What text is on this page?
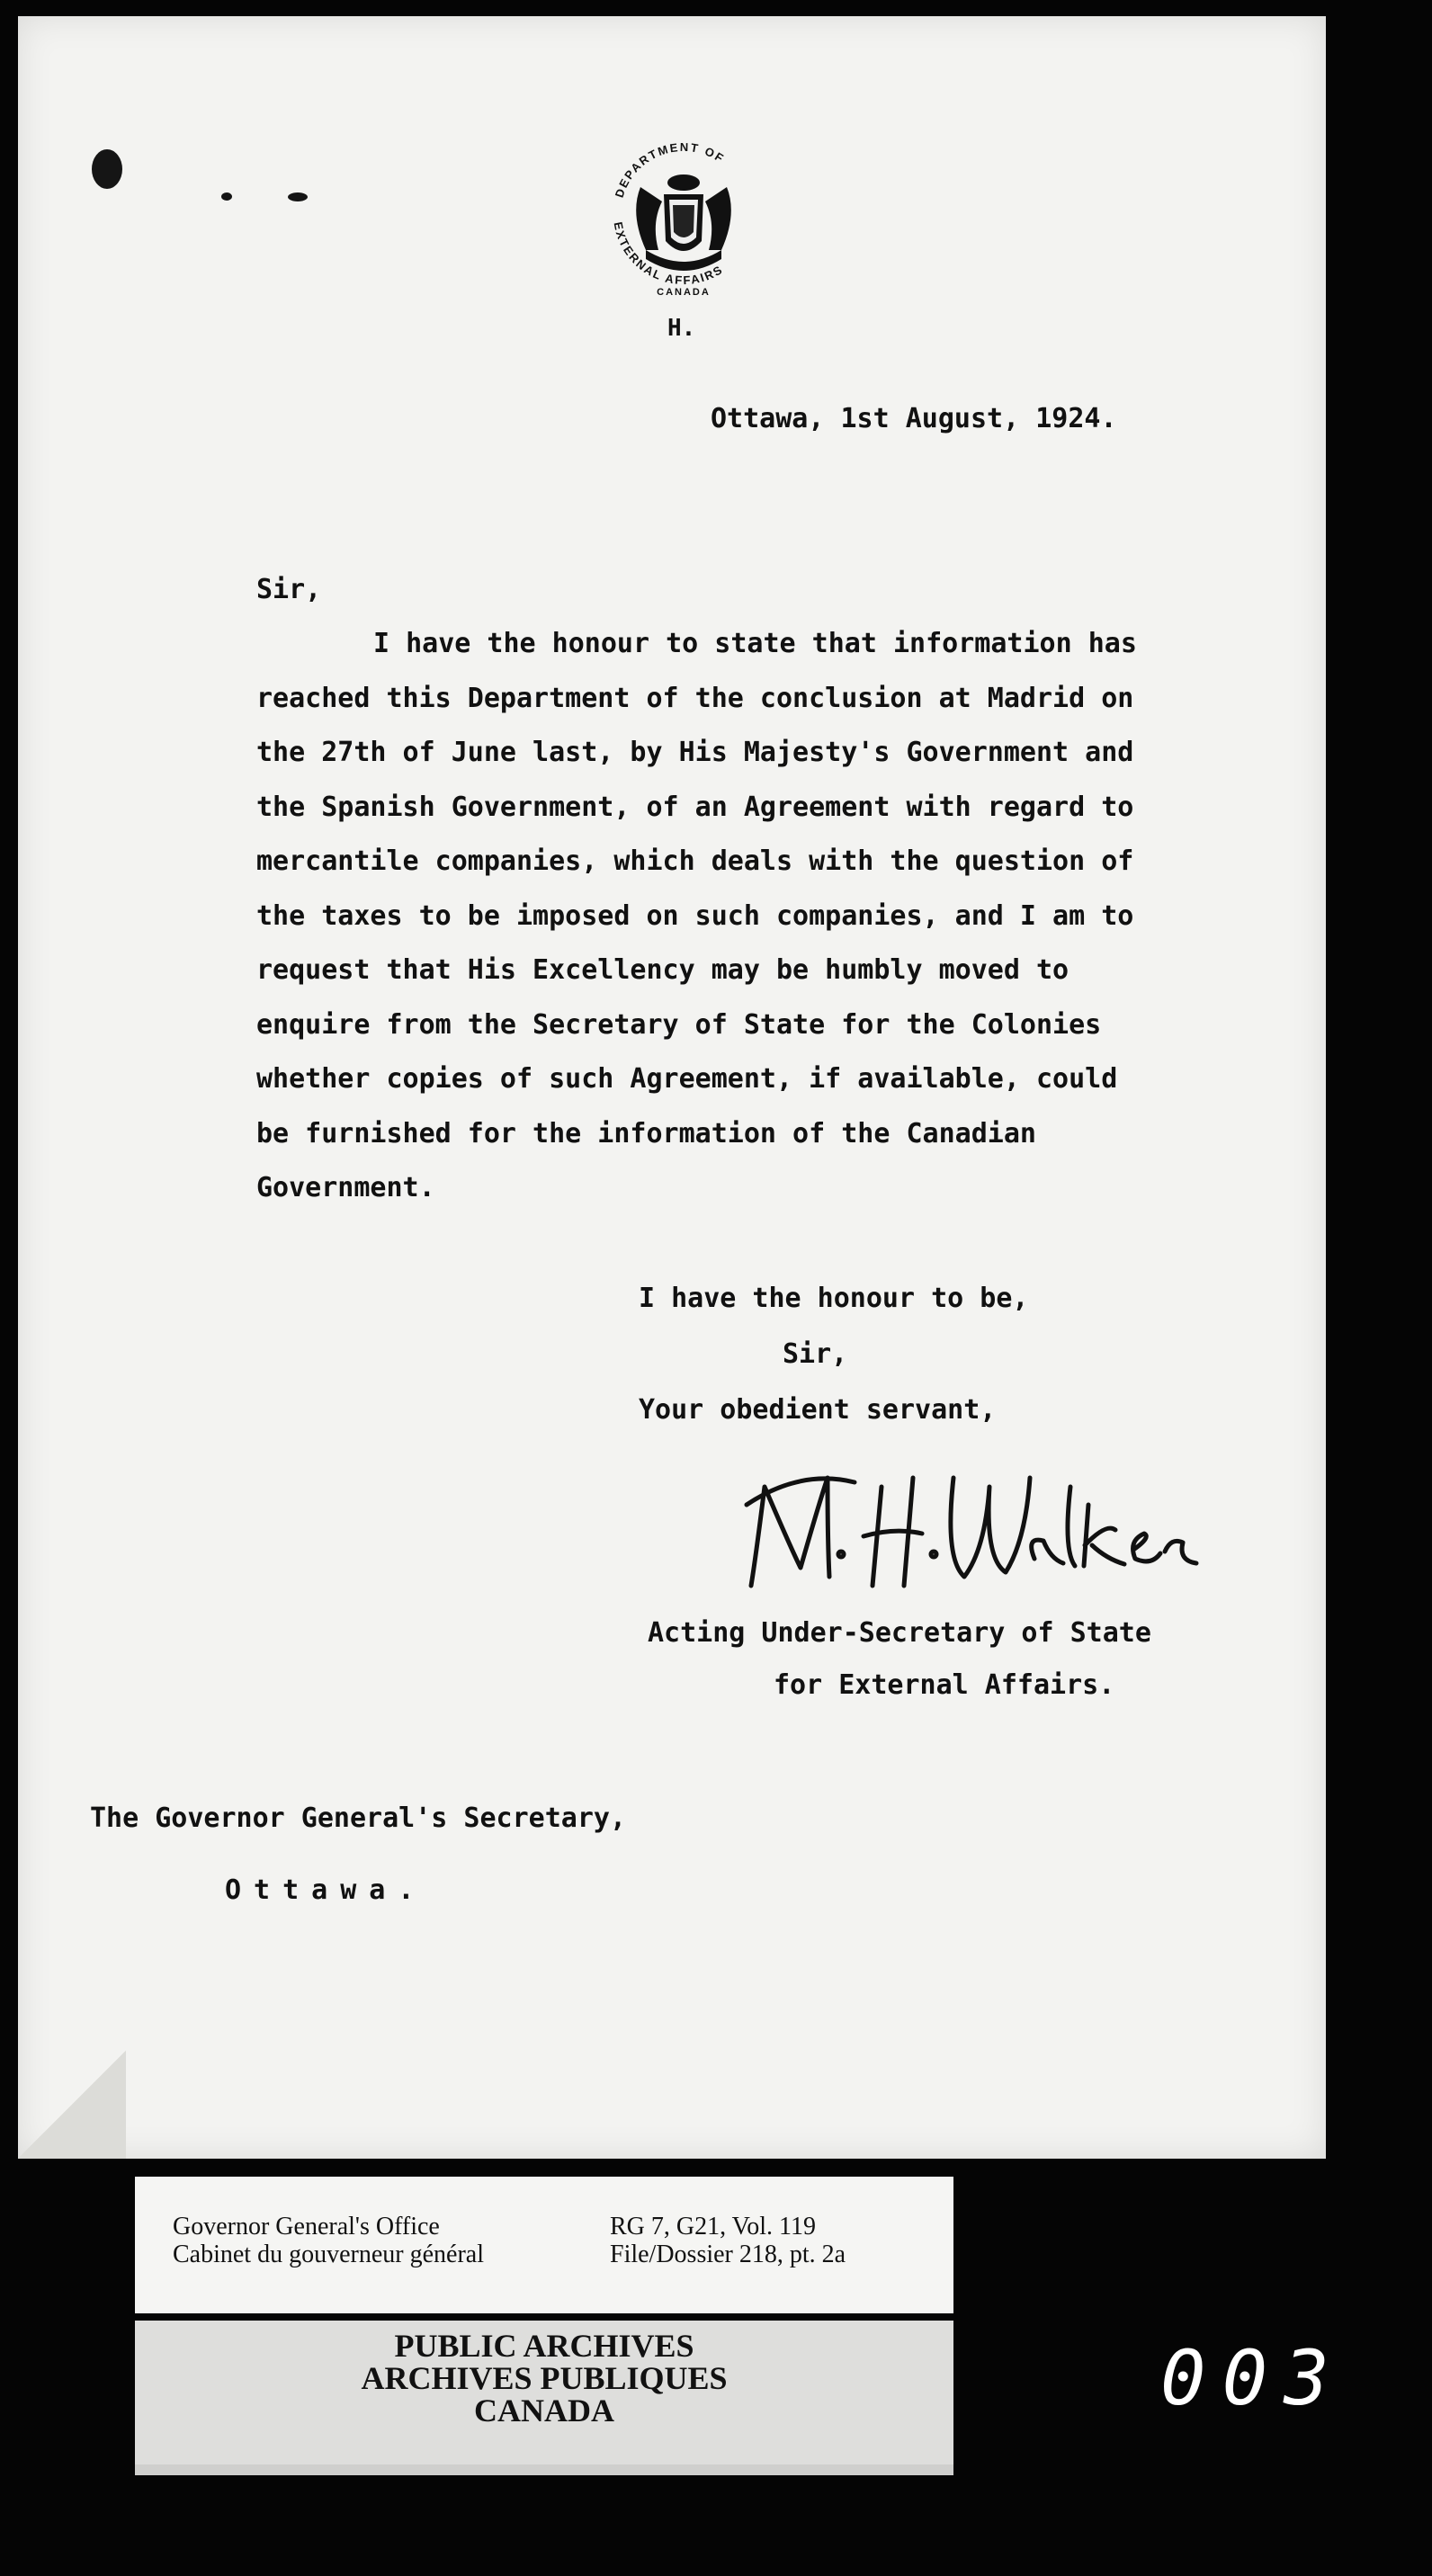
DEPARTMENT OF
EXTERNAL AFFAIRS
CANADA
H.
Ottawa, 1st August, 1924.
Sir,
I have the honour to state that information has
reached this Department of the conclusion at Madrid on
the 27th of June last, by His Majesty's Government and
the Spanish Government, of an Agreement with regard to
mercantile companies, which deals with the question of
the taxes to be imposed on such companies, and I am to
request that His Excellency may be humbly moved to
enquire from the Secretary of State for the Colonies
whether copies of such Agreement, if available, could
be furnished for the information of the Canadian
Government.
I have the honour to be,
Sir,
Your obedient servant,
Acting Under-Secretary of State
for External Affairs.
The Governor General's Secretary,
Ottawa.
Governor General's Office
Cabinet du gouverneur général
RG 7, G21, Vol. 119
File/Dossier 218, pt. 2a
PUBLIC ARCHIVES
ARCHIVES PUBLIQUES
CANADA	003
